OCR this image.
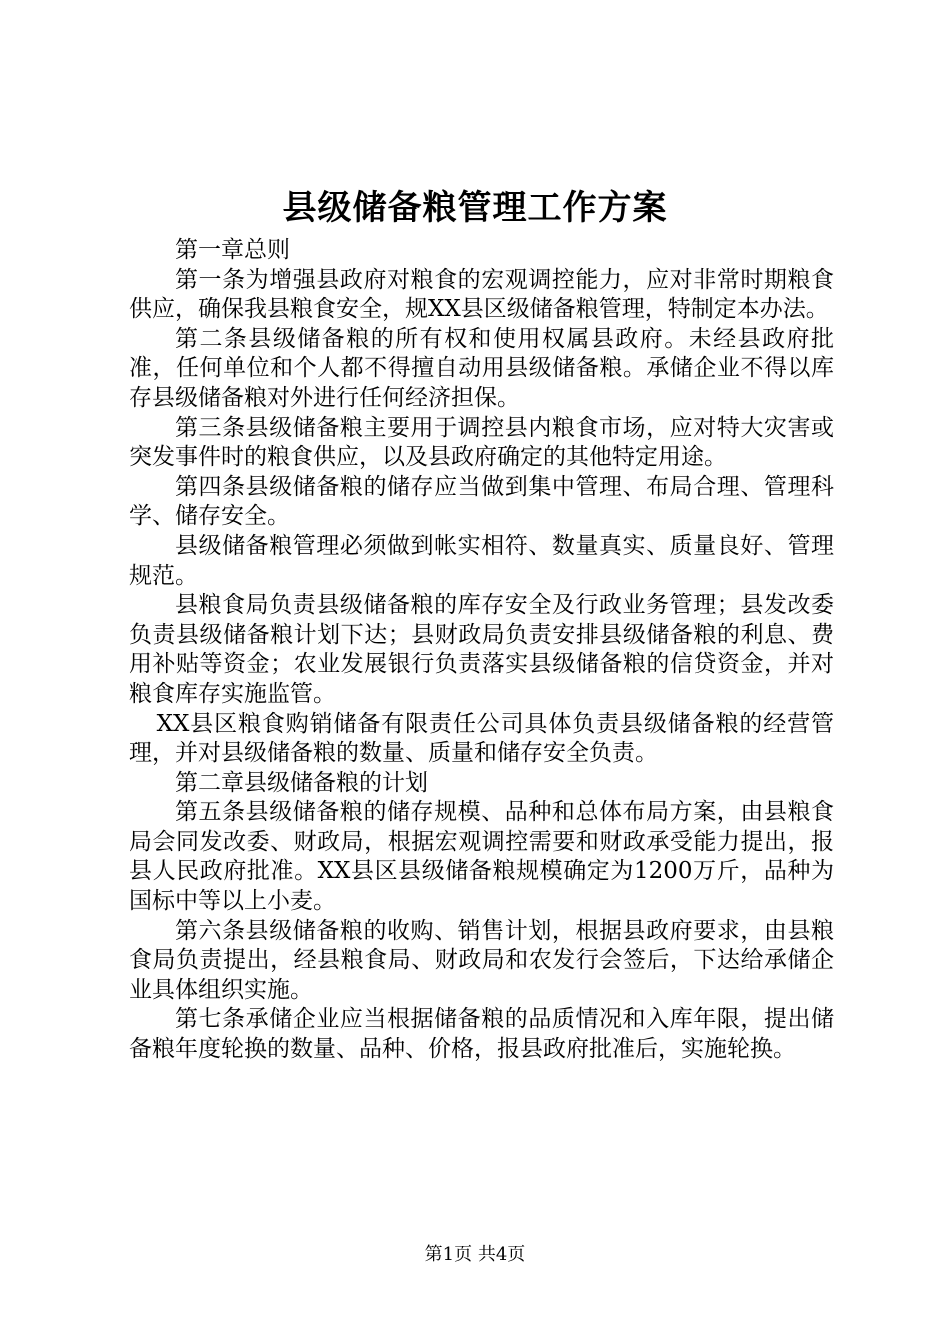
县级储备粮管理工作方案

第一章总则

第一条为增强县政府对粮食的宏观调控能力，应对非常时期粮食供应，确保我县粮食安全，规XX县区级储备粮管理，特制定本办法。

第二条县级储备粮的所有权和使用权属县政府。未经县政府批准，任何单位和个人都不得擅自动用县级储备粮。承储企业不得以库存县级储备粮对外进行任何经济担保。

第三条县级储备粮主要用于调控县内粮食市场，应对特大灾害或突发事件时的粮食供应，以及县政府确定的其他特定用途。

第四条县级储备粮的储存应当做到集中管理、布局合理、管理科学、储存安全。

县级储备粮管理必须做到帐实相符、数量真实、质量良好、管理规范。

县粮食局负责县级储备粮的库存安全及行政业务管理；县发改委负责县级储备粮计划下达；县财政局负责安排县级储备粮的利息、费用补贴等资金；农业发展银行负责落实县级储备粮的信贷资金，并对粮食库存实施监管。

XX县区粮食购销储备有限责任公司具体负责县级储备粮的经营管理，并对县级储备粮的数量、质量和储存安全负责。

第二章县级储备粮的计划

第五条县级储备粮的储存规模、品种和总体布局方案，由县粮食局会同发改委、财政局，根据宏观调控需要和财政承受能力提出，报县人民政府批准。XX县区县级储备粮规模确定为1200万斤，品种为国标中等以上小麦。

第六条县级储备粮的收购、销售计划，根据县政府要求，由县粮食局负责提出，经县粮食局、财政局和农发行会签后，下达给承储企业具体组织实施。

第七条承储企业应当根据储备粮的品质情况和入库年限，提出储备粮年度轮换的数量、品种、价格，报县政府批准后，实施轮换。

第1页 共4页
